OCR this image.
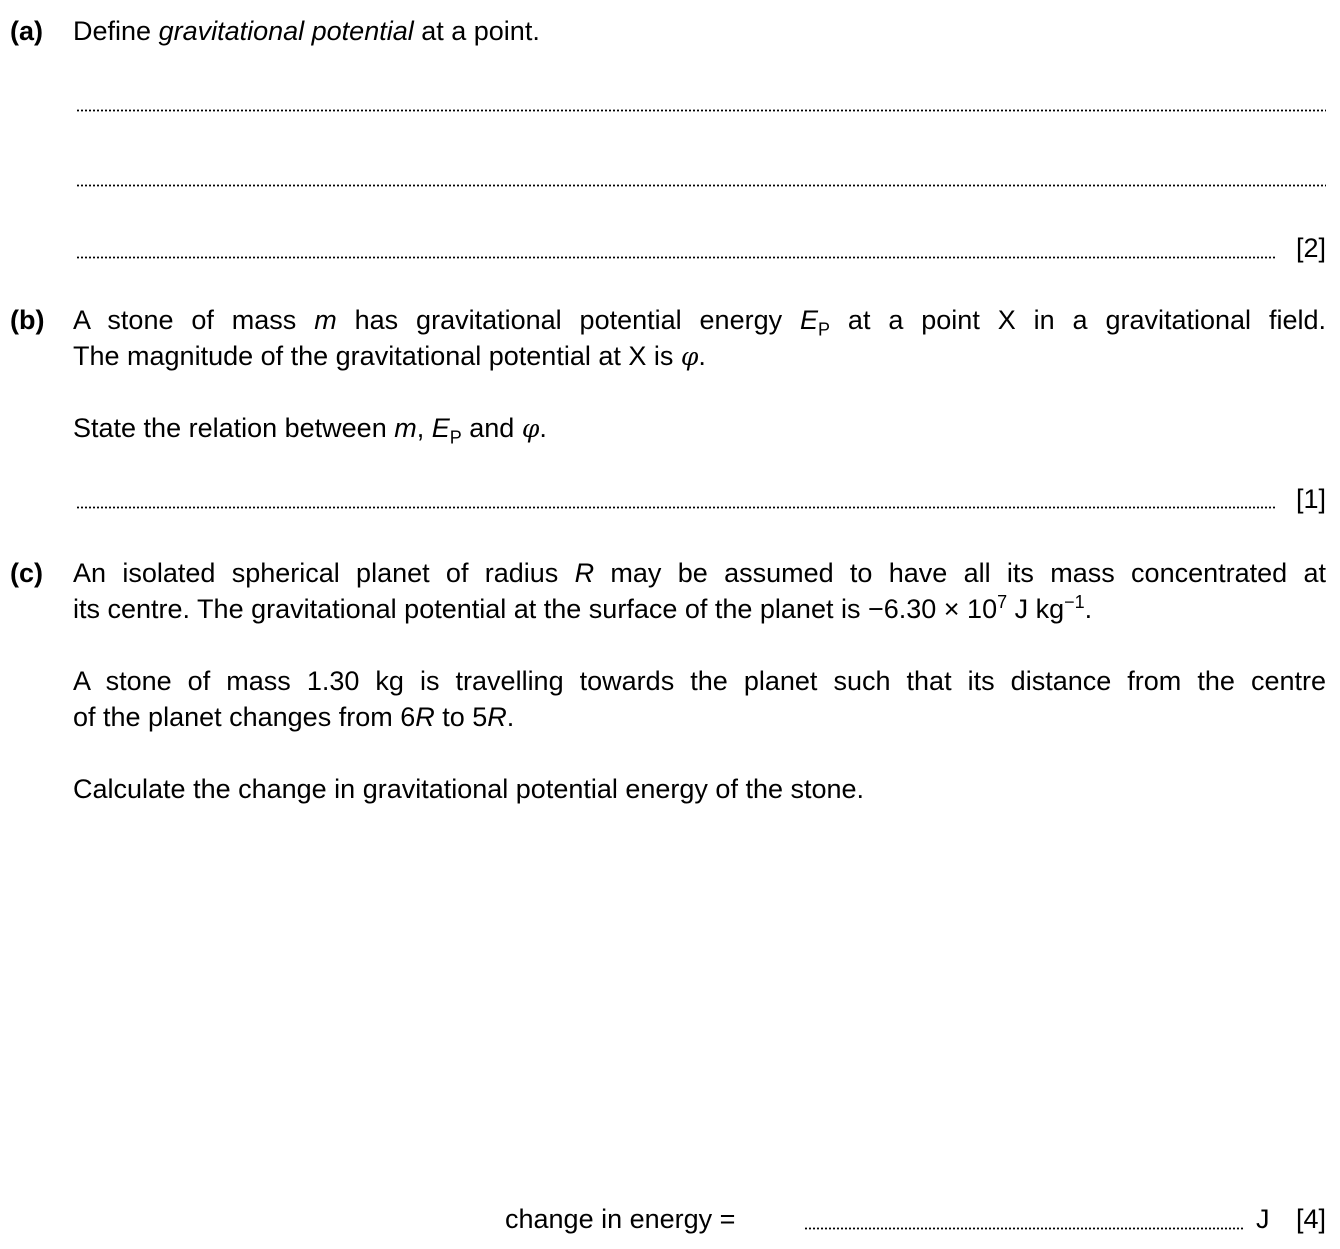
(a) Define gravitational potential at a point.
[2]
(b) A stone of mass m has gravitational potential energy $E_P$ at a point X in a gravitational field.
The magnitude of the gravitational potential at X is φ.
State the relation between m, $E_P$ and φ.
[1]
(c) An isolated spherical planet of radius R may be assumed to have all its mass concentrated at
its centre. The gravitational potential at the surface of the planet is $-6.30 \times 10^7$ J $kg^{-1}$.
A stone of mass 1.30 kg is travelling towards the planet such that its distance from the centre
of the planet changes from 6R to 5R.
Calculate the change in gravitational potential energy of the stone.
change in energy =	J [4]
